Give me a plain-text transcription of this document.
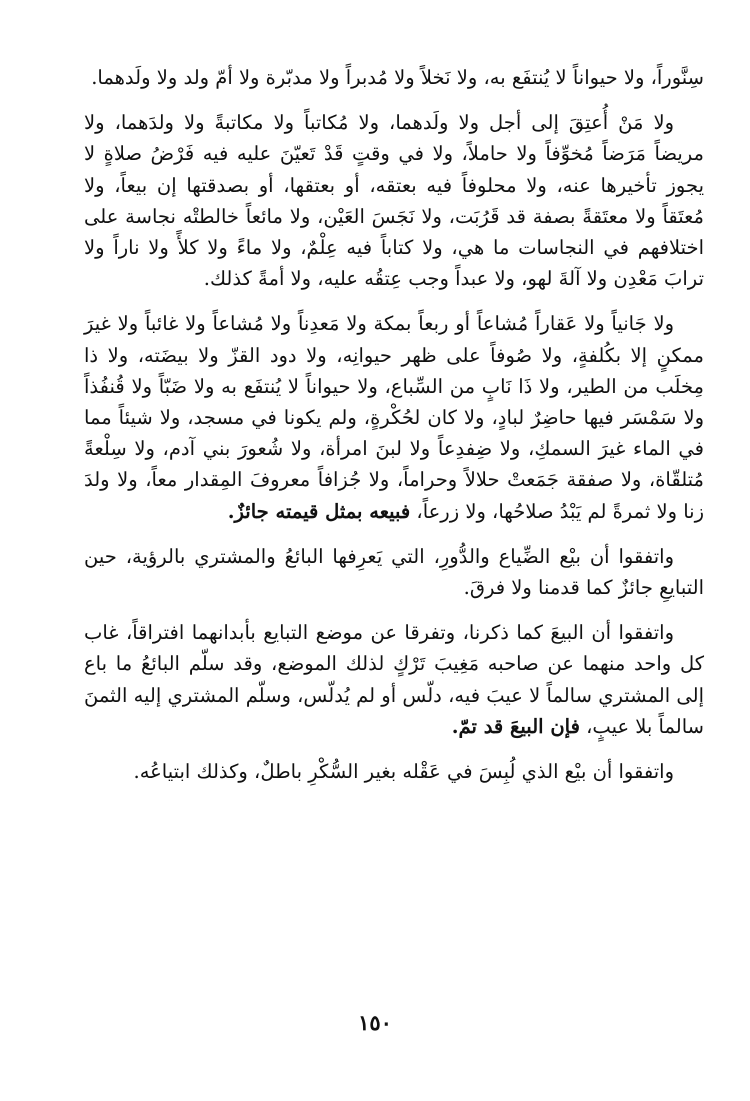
سِنَّوراً، ولا حيواناً لا يُنتفَع به، ولا نَخلاً ولا مُدبراً ولا مدبّرة ولا أمّ ولد ولا ولَدهما.

ولا مَنْ أُعتِقَ إلى أجل ولا ولَدهما، ولا مُكاتباً ولا مكاتبةً ولا ولدَهما، ولا مريضاً مَرَضاً مُخوِّفاً ولا حاملاً، ولا في وقتٍ قَدْ تَعيّنَ عليه فيه فَرْضُ صلاةٍ لا يجوز تأخيرها عنه، ولا محلوفاً فيه بعتقه، أو بعتقها، أو بصدقتها إن بيعاً، ولا مُعتَقاً ولا معتَقةً بصفة قد قَرُبَت، ولا نَجَسَ العَيْن، ولا مائعاً خالطتْه نجاسة على اختلافهم في النجاسات ما هي، ولا كتاباً فيه عِلْمٌ، ولا ماءً ولا كلأً ولا ناراً ولا ترابَ مَعْدِن ولا آلةَ لهو، ولا عبداً وجب عِتقُه عليه، ولا أمةً كذلك.

ولا جَانياً ولا عَقاراً مُشاعاً أو ربعاً بمكة ولا مَعدِناً ولا مُشاعاً ولا غائباً ولا غيرَ ممكنٍ إلا بكُلفةٍ، ولا صُوفاً على ظهر حيوانِه، ولا دود القزّ ولا بيضَته، ولا ذا مِخلَب من الطير، ولا ذَا نَابٍ من السِّباع، ولا حيواناً لا يُنتفَع به ولا ضَبّاً ولا قُنفُذاً ولا سَمْسَر فيها حاضِرٌ لبادٍ، ولا كان لحُكْرةٍ، ولم يكونا في مسجد، ولا شيئاً مما في الماء غيرَ السمكِ، ولا ضِفدِعاً ولا لبنَ امرأة، ولا شُعورَ بني آدم، ولا سِلْعةً مُتلقّاة، ولا صفقة جَمَعتْ حلالاً وحراماً، ولا جُزافاً معروفَ المِقدار معاً، ولا ولدَ زنا ولا ثمرةً لم يَبْدُ صلاحُها، ولا زرعاً، فبيعه بمثل قيمته جائزٌ.

واتفقوا أن بيْع الضِّياع والدُّورِ، التي يَعرِفها البائعُ والمشتري بالرؤية، حين التبايعِ جائزٌ كما قدمنا ولا فرقَ.

واتفقوا أن البيعَ كما ذكرنا، وتفرقا عن موضع التبايع بأبدانهما افتراقاً، غاب كل واحد منهما عن صاحبه مَغِيبَ تَرْكٍ لذلك الموضع، وقد سلّم البائعُ ما باع إلى المشتري سالماً لا عيبَ فيه، دلّس أو لم يُدلّس، وسلّم المشتري إليه الثمنَ سالماً بلا عيبٍ، فإن البيعَ قد تمّ.

واتفقوا أن بيْع الذي لُبِسَ في عَقْله بغير السُّكْرِ باطلٌ، وكذلك ابتياعُه.

١٥٠
